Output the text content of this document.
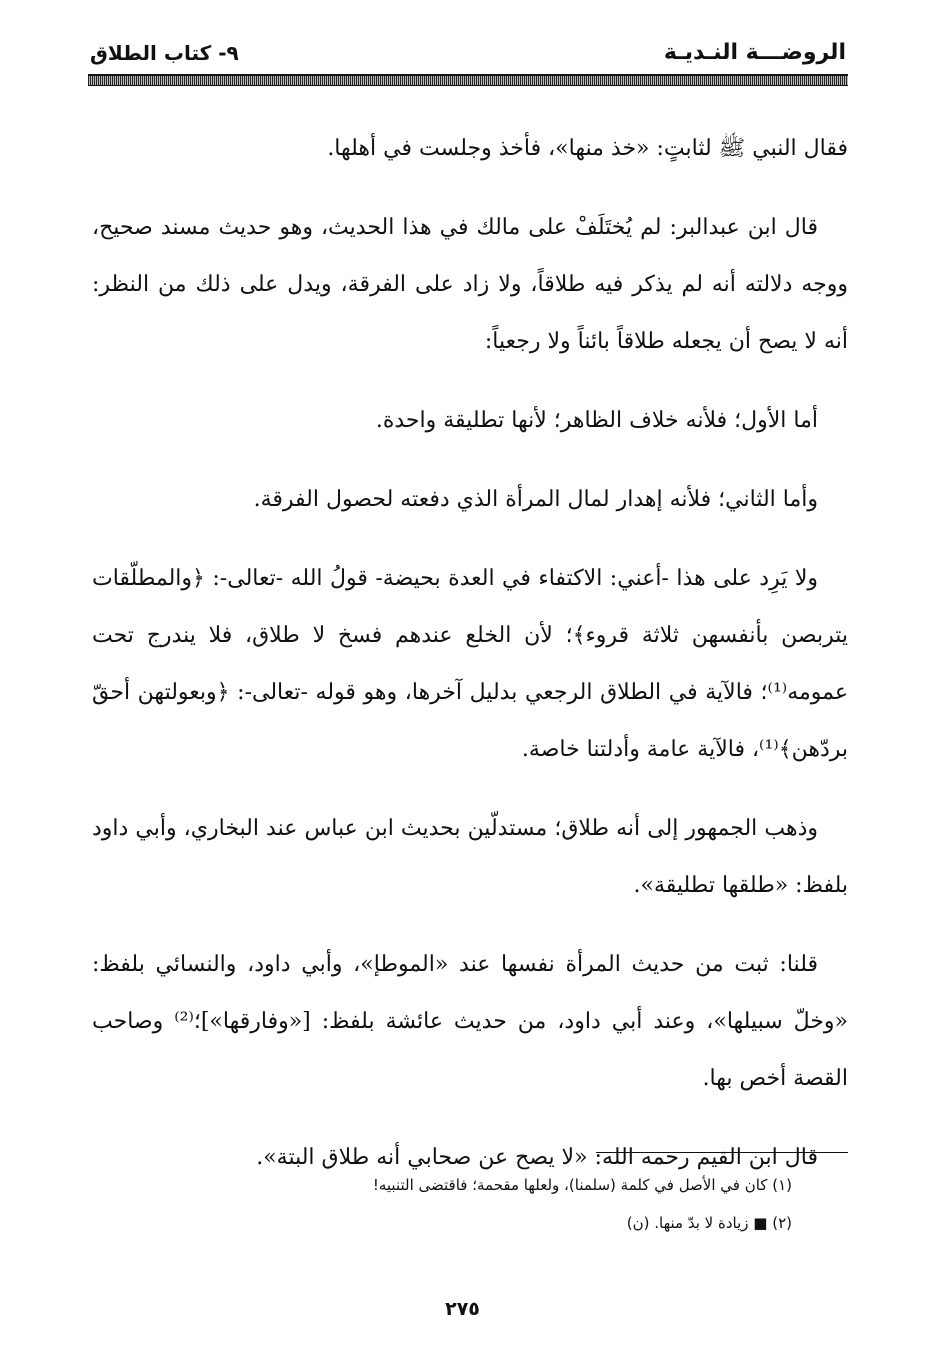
الروضـــة النـديـة
٩- كتاب الطلاق

فقال النبي ﷺ لثابتٍ: «خذ منها»، فأخذ وجلست في أهلها.

قال ابن عبدالبر: لم يُختَلَفْ على مالك في هذا الحديث، وهو حديث مسند صحيح، ووجه دلالته أنه لم يذكر فيه طلاقاً، ولا زاد على الفرقة، ويدل على ذلك من النظر: أنه لا يصح أن يجعله طلاقاً بائناً ولا رجعياً:

أما الأول؛ فلأنه خلاف الظاهر؛ لأنها تطليقة واحدة.

وأما الثاني؛ فلأنه إهدار لمال المرأة الذي دفعته لحصول الفرقة.

ولا يَرِد على هذا -أعني: الاكتفاء في العدة بحيضة- قولُ الله -تعالى-: ﴿والمطلّقات يتربصن بأنفسهن ثلاثة قروء﴾؛ لأن الخلع عندهم فسخ لا طلاق، فلا يندرج تحت عمومه⁽¹⁾؛ فالآية في الطلاق الرجعي بدليل آخرها، وهو قوله -تعالى-: ﴿وبعولتهن أحقّ بردّهن﴾⁽¹⁾، فالآية عامة وأدلتنا خاصة.

وذهب الجمهور إلى أنه طلاق؛ مستدلّين بحديث ابن عباس عند البخاري، وأبي داود بلفظ: «طلقها تطليقة».

قلنا: ثبت من حديث المرأة نفسها عند «الموطإ»، وأبي داود، والنسائي بلفظ: «وخلّ سبيلها»، وعند أبي داود، من حديث عائشة بلفظ: [«وفارقها»]؛⁽²⁾ وصاحب القصة أخص بها.

قال ابن القيم رحمه الله: «لا يصح عن صحابي أنه طلاق البتة».

(١) كان في الأصل في كلمة (سلمنا)، ولعلها مقحمة؛ فاقتضى التنبيه!
(٢) ■ زيادة لا بدّ منها. (ن)
٢٧٥
